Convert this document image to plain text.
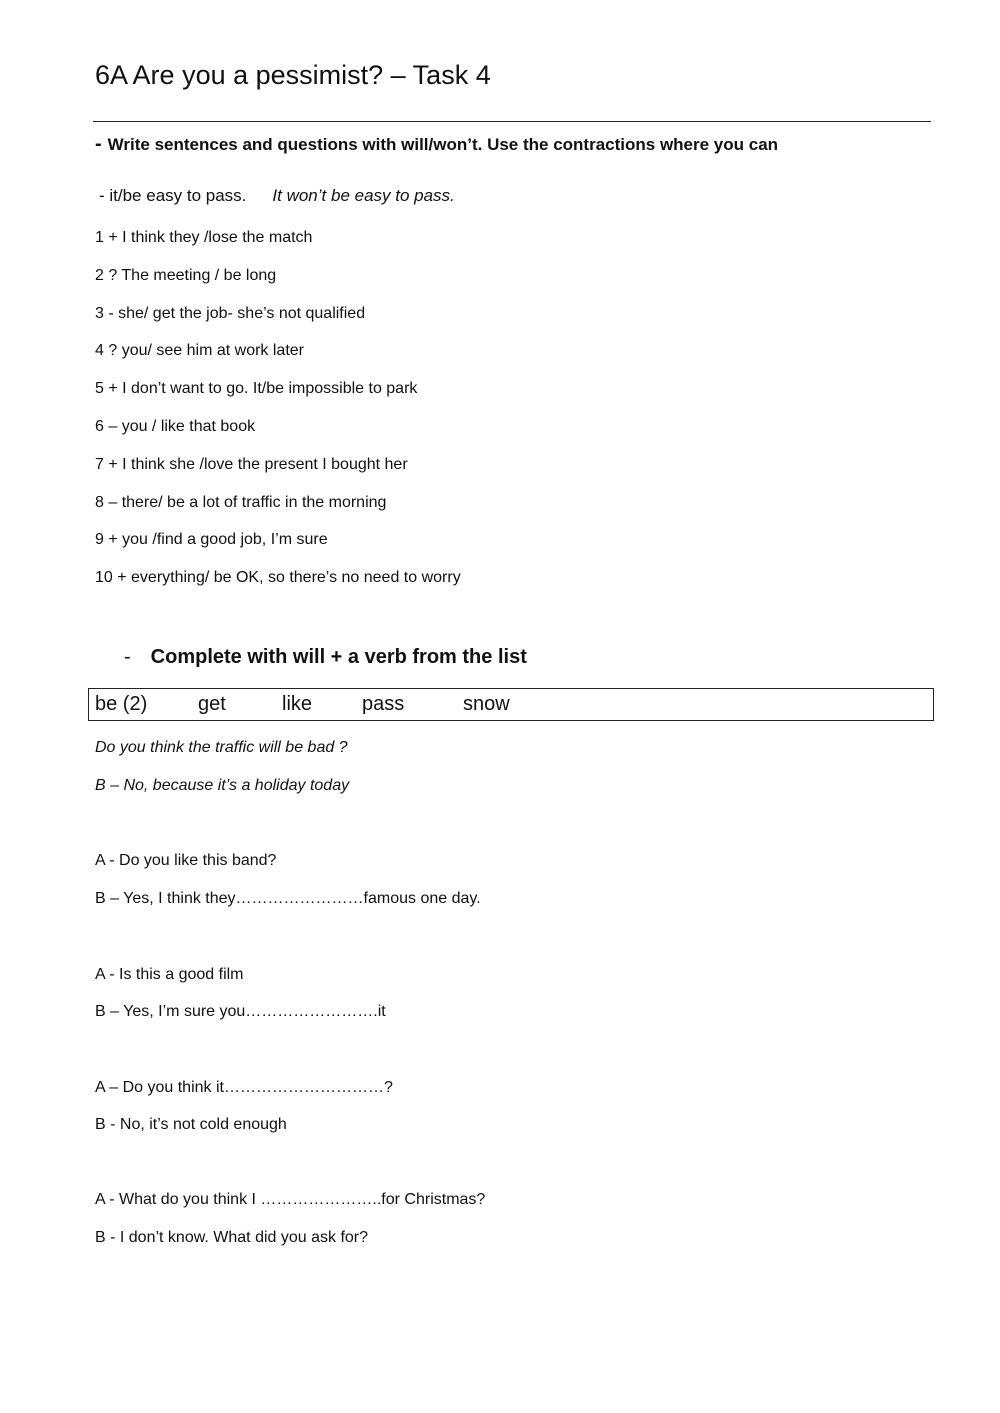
6A Are you a pessimist? – Task 4
- Write sentences and questions with will/won’t. Use the contractions where you can
- it/be easy to pass. It won’t be easy to pass.
1 + I think they /lose the match
2 ? The meeting / be long
3 - she/ get the job- she’s not qualified
4 ? you/ see him at work later
5 + I don’t want to go. It/be impossible to park
6 – you / like that book
7 + I think she /love the present I bought her
8 – there/ be a lot of traffic in the morning
9 + you /find a good job, I’m sure
10 + everything/ be OK, so there’s no need to worry
- Complete with will + a verb from the list
be (2)	get	like pass	snow
Do you think the traffic will be bad ?
B – No, because it’s a holiday today
A - Do you like this band?
B – Yes, I think they……………………famous one day.
A - Is this a good film
B – Yes, I’m sure you…………………….it
A – Do you think it…………………………?
B - No, it’s not cold enough
A - What do you think I …………………..for Christmas?
B - I don’t know. What did you ask for?
